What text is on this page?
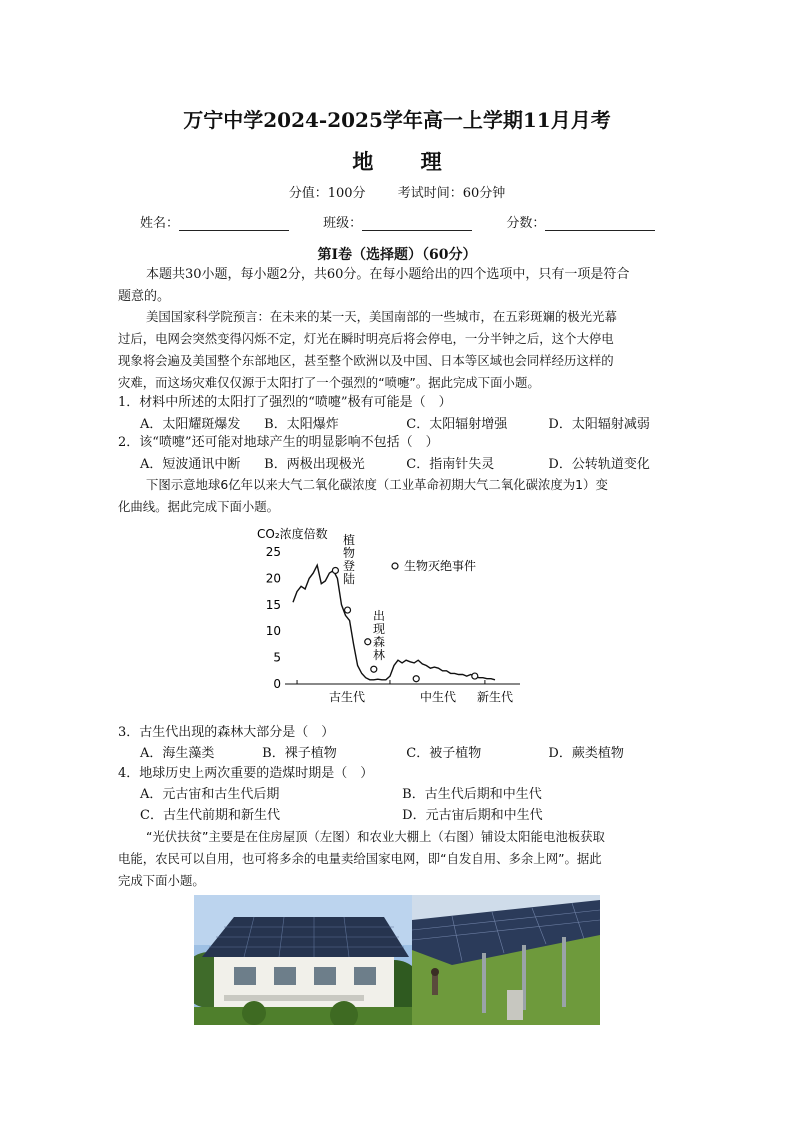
万宁中学2024-2025学年高一上学期11月月考
地 理
分值：100分 考试时间：60分钟
姓名：	班级：	分数：
第Ⅰ卷（选择题）（60分）
本题共30小题，每小题2分，共60分。在每小题给出的四个选项中，只有一项是符合
题意的。
美国国家科学院预言：在未来的某一天，美国南部的一些城市，在五彩斑斓的极光光幕
过后，电网会突然变得闪烁不定，灯光在瞬时明亮后将会停电，一分半钟之后，这个大停电
现象将会遍及美国整个东部地区，甚至整个欧洲以及中国、日本等区域也会同样经历这样的
灾难，而这场灾难仅仅源于太阳打了一个强烈的“喷嚏”。据此完成下面小题。
1．材料中所述的太阳打了强烈的“喷嚏”极有可能是（　）
A．太阳耀斑爆发 B．太阳爆炸	C．太阳辐射增强	D．太阳辐射减弱
2．该“喷嚏”还可能对地球产生的明显影响不包括（　）
A．短波通讯中断 B．两极出现极光	C．指南针失灵	D．公转轨道变化
下图示意地球6亿年以来大气二氧化碳浓度（工业革命初期大气二氧化碳浓度为1）变
化曲线。据此完成下面小题。
CO₂浓度倍数
25
20
15
10
5
0
生物灭绝事件
植物登陆
出现森林
古生代	中生代 新生代
3．古生代出现的森林大部分是（　）
A．海生藻类	B．裸子植物	C．被子植物	D．蕨类植物
4．地球历史上两次重要的造煤时期是（　）
A．元古宙和古生代后期	B．古生代后期和中生代
C．古生代前期和新生代	D．元古宙后期和中生代
“光伏扶贫”主要是在住房屋顶（左图）和农业大棚上（右图）铺设太阳能电池板获取
电能，农民可以自用，也可将多余的电量卖给国家电网，即“自发自用、多余上网”。据此
完成下面小题。
